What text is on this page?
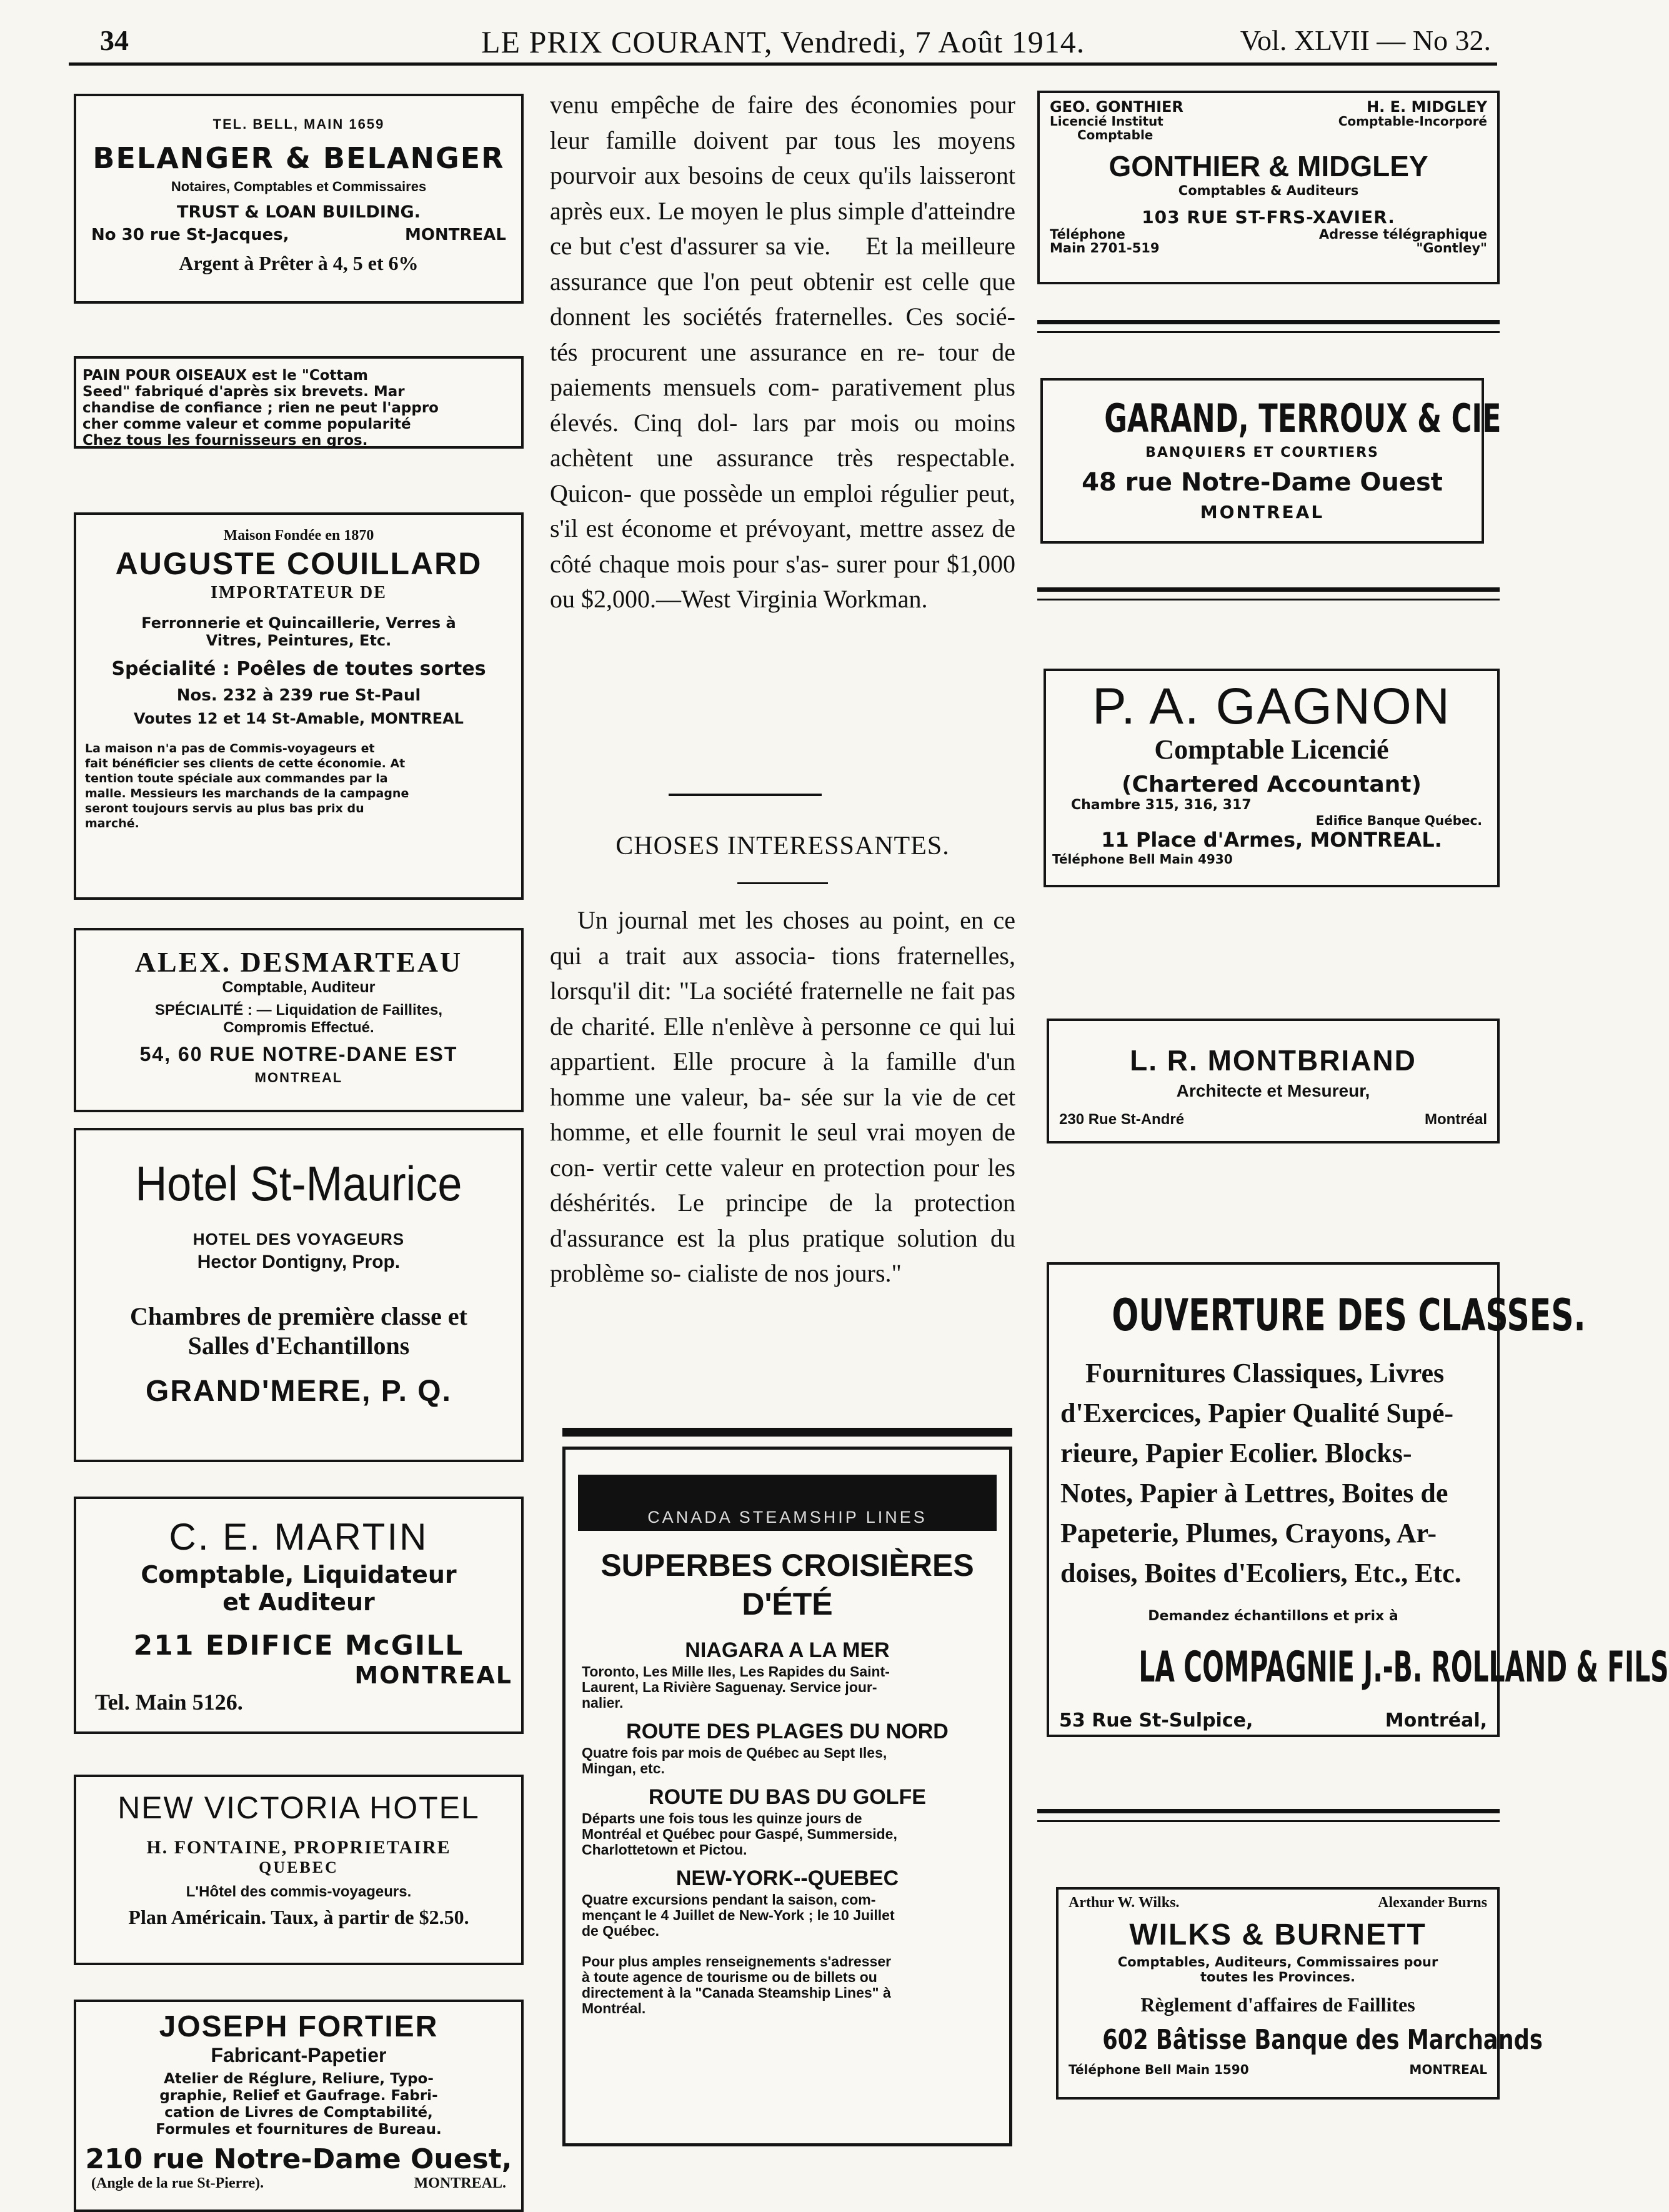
34	LE PRIX COURANT, Vendredi, 7 Août 1914.	Vol. XLVII — No 32.
TEL. BELL, MAIN 1659
BELANGER & BELANGER
Notaires, Comptables et Commissaires
TRUST & LOAN BUILDING.
No 30 rue St-Jacques,	MONTREAL
Argent à Prêter à 4, 5 et 6%
PAIN POUR OISEAUX est le "Cottam
Seed" fabriqué d'après six brevets. Mar
chandise de confiance ; rien ne peut l'appro
cher comme valeur et comme popularité
Chez tous les fournisseurs en gros.
Maison Fondée en 1870
AUGUSTE COUILLARD
IMPORTATEUR DE
Ferronnerie et Quincaillerie, Verres à
Vitres, Peintures, Etc.
Spécialité : Poêles de toutes sortes
Nos. 232 à 239 rue St-Paul
Voutes 12 et 14 St-Amable, MONTREAL
La maison n'a pas de Commis-voyageurs et
fait bénéficier ses clients de cette économie. At
tention toute spéciale aux commandes par la
malle. Messieurs les marchands de la campagne
seront toujours servis au plus bas prix du
marché.
ALEX. DESMARTEAU
Comptable, Auditeur
SPÉCIALITÉ : — Liquidation de Faillites,
Compromis Effectué.
54, 60 RUE NOTRE-DANE EST
MONTREAL
Hotel St-Maurice
HOTEL DES VOYAGEURS
Hector Dontigny, Prop.
Chambres de première classe et
Salles d'Echantillons
GRAND'MERE, P. Q.
C. E. MARTIN
Comptable, Liquidateur
et Auditeur
211 EDIFICE McGILL
MONTREAL
Tel. Main 5126.
NEW VICTORIA HOTEL
H. FONTAINE, PROPRIETAIRE
QUEBEC
L'Hôtel des commis-voyageurs.
Plan Américain. Taux, à partir de $2.50.
JOSEPH FORTIER
Fabricant-Papetier
Atelier de Réglure, Reliure, Typo-
graphie, Relief et Gaufrage. Fabri-
cation de Livres de Comptabilité,
Formules et fournitures de Bureau.
210 rue Notre-Dame Ouest,
(Angle de la rue St-Pierre).	MONTREAL.
venu empêche de faire des économies pour leur famille doivent par tous les moyens pourvoir aux besoins de ceux qu'ils laisseront après eux. Le moyen le plus simple d'atteindre ce but c'est d'assurer sa vie. Et la meilleure assurance que l'on peut obtenir est celle que donnent les sociétés fraternelles. Ces socié- tés procurent une assurance en re- tour de paiements mensuels com- parativement plus élevés. Cinq dol- lars par mois ou moins achètent une assurance très respectable. Quicon- que possède un emploi régulier peut, s'il est économe et prévoyant, mettre assez de côté chaque mois pour s'as- surer pour $1,000 ou $2,000.—West Virginia Workman.
CHOSES INTERESSANTES.
Un journal met les choses au point, en ce qui a trait aux associa- tions fraternelles, lorsqu'il dit: "La société fraternelle ne fait pas de charité. Elle n'enlève à personne ce qui lui appartient. Elle procure à la famille d'un homme une valeur, ba- sée sur la vie de cet homme, et elle fournit le seul vrai moyen de con- vertir cette valeur en protection pour les déshérités. Le principe de la protection d'assurance est la plus pratique solution du problème so- cialiste de nos jours."
CANADA STEAMSHIP LINES
SUPERBES CROISIÈRES
D'ÉTÉ
NIAGARA A LA MER
Toronto, Les Mille Iles, Les Rapides du Saint-
Laurent, La Rivière Saguenay. Service jour-
nalier.
ROUTE DES PLAGES DU NORD
Quatre fois par mois de Québec au Sept Iles,
Mingan, etc.
ROUTE DU BAS DU GOLFE
Départs une fois tous les quinze jours de
Montréal et Québec pour Gaspé, Summerside,
Charlottetown et Pictou.
NEW-YORK--QUEBEC
Quatre excursions pendant la saison, com-
mençant le 4 Juillet de New-York ; le 10 Juillet
de Québec.
Pour plus amples renseignements s'adresser
à toute agence de tourisme ou de billets ou
directement à la "Canada Steamship Lines" à
Montréal.
GEO. GONTHIER	H. E. MIDGLEY
Licencié Institut	Comptable-Incorporé
Comptable
GONTHIER & MIDGLEY
Comptables & Auditeurs
103 RUE ST-FRS-XAVIER.
Téléphone	Adresse télégraphique
Main 2701-519	"Gontley"
GARAND, TERROUX & CIE
BANQUIERS ET COURTIERS
48 rue Notre-Dame Ouest
MONTREAL
P. A. GAGNON
Comptable Licencié
(Chartered Accountant)
Chambre 315, 316, 317
Edifice Banque Québec.
11 Place d'Armes, MONTREAL.
Téléphone Bell Main 4930
L. R. MONTBRIAND
Architecte et Mesureur,
230 Rue St-André	Montréal
OUVERTURE DES CLASSES.
Fournitures Classiques, Livres
d'Exercices, Papier Qualité Supé-
rieure, Papier Ecolier. Blocks-
Notes, Papier à Lettres, Boites de
Papeterie, Plumes, Crayons, Ar-
doises, Boites d'Ecoliers, Etc., Etc.
Demandez échantillons et prix à
LA COMPAGNIE J.-B. ROLLAND & FILS
53 Rue St-Sulpice,	Montréal,
Arthur W. Wilks.	Alexander Burns
WILKS & BURNETT
Comptables, Auditeurs, Commissaires pour
toutes les Provinces.
Règlement d'affaires de Faillites
602 Bâtisse Banque des Marchands
Téléphone Bell Main 1590	MONTREAL
